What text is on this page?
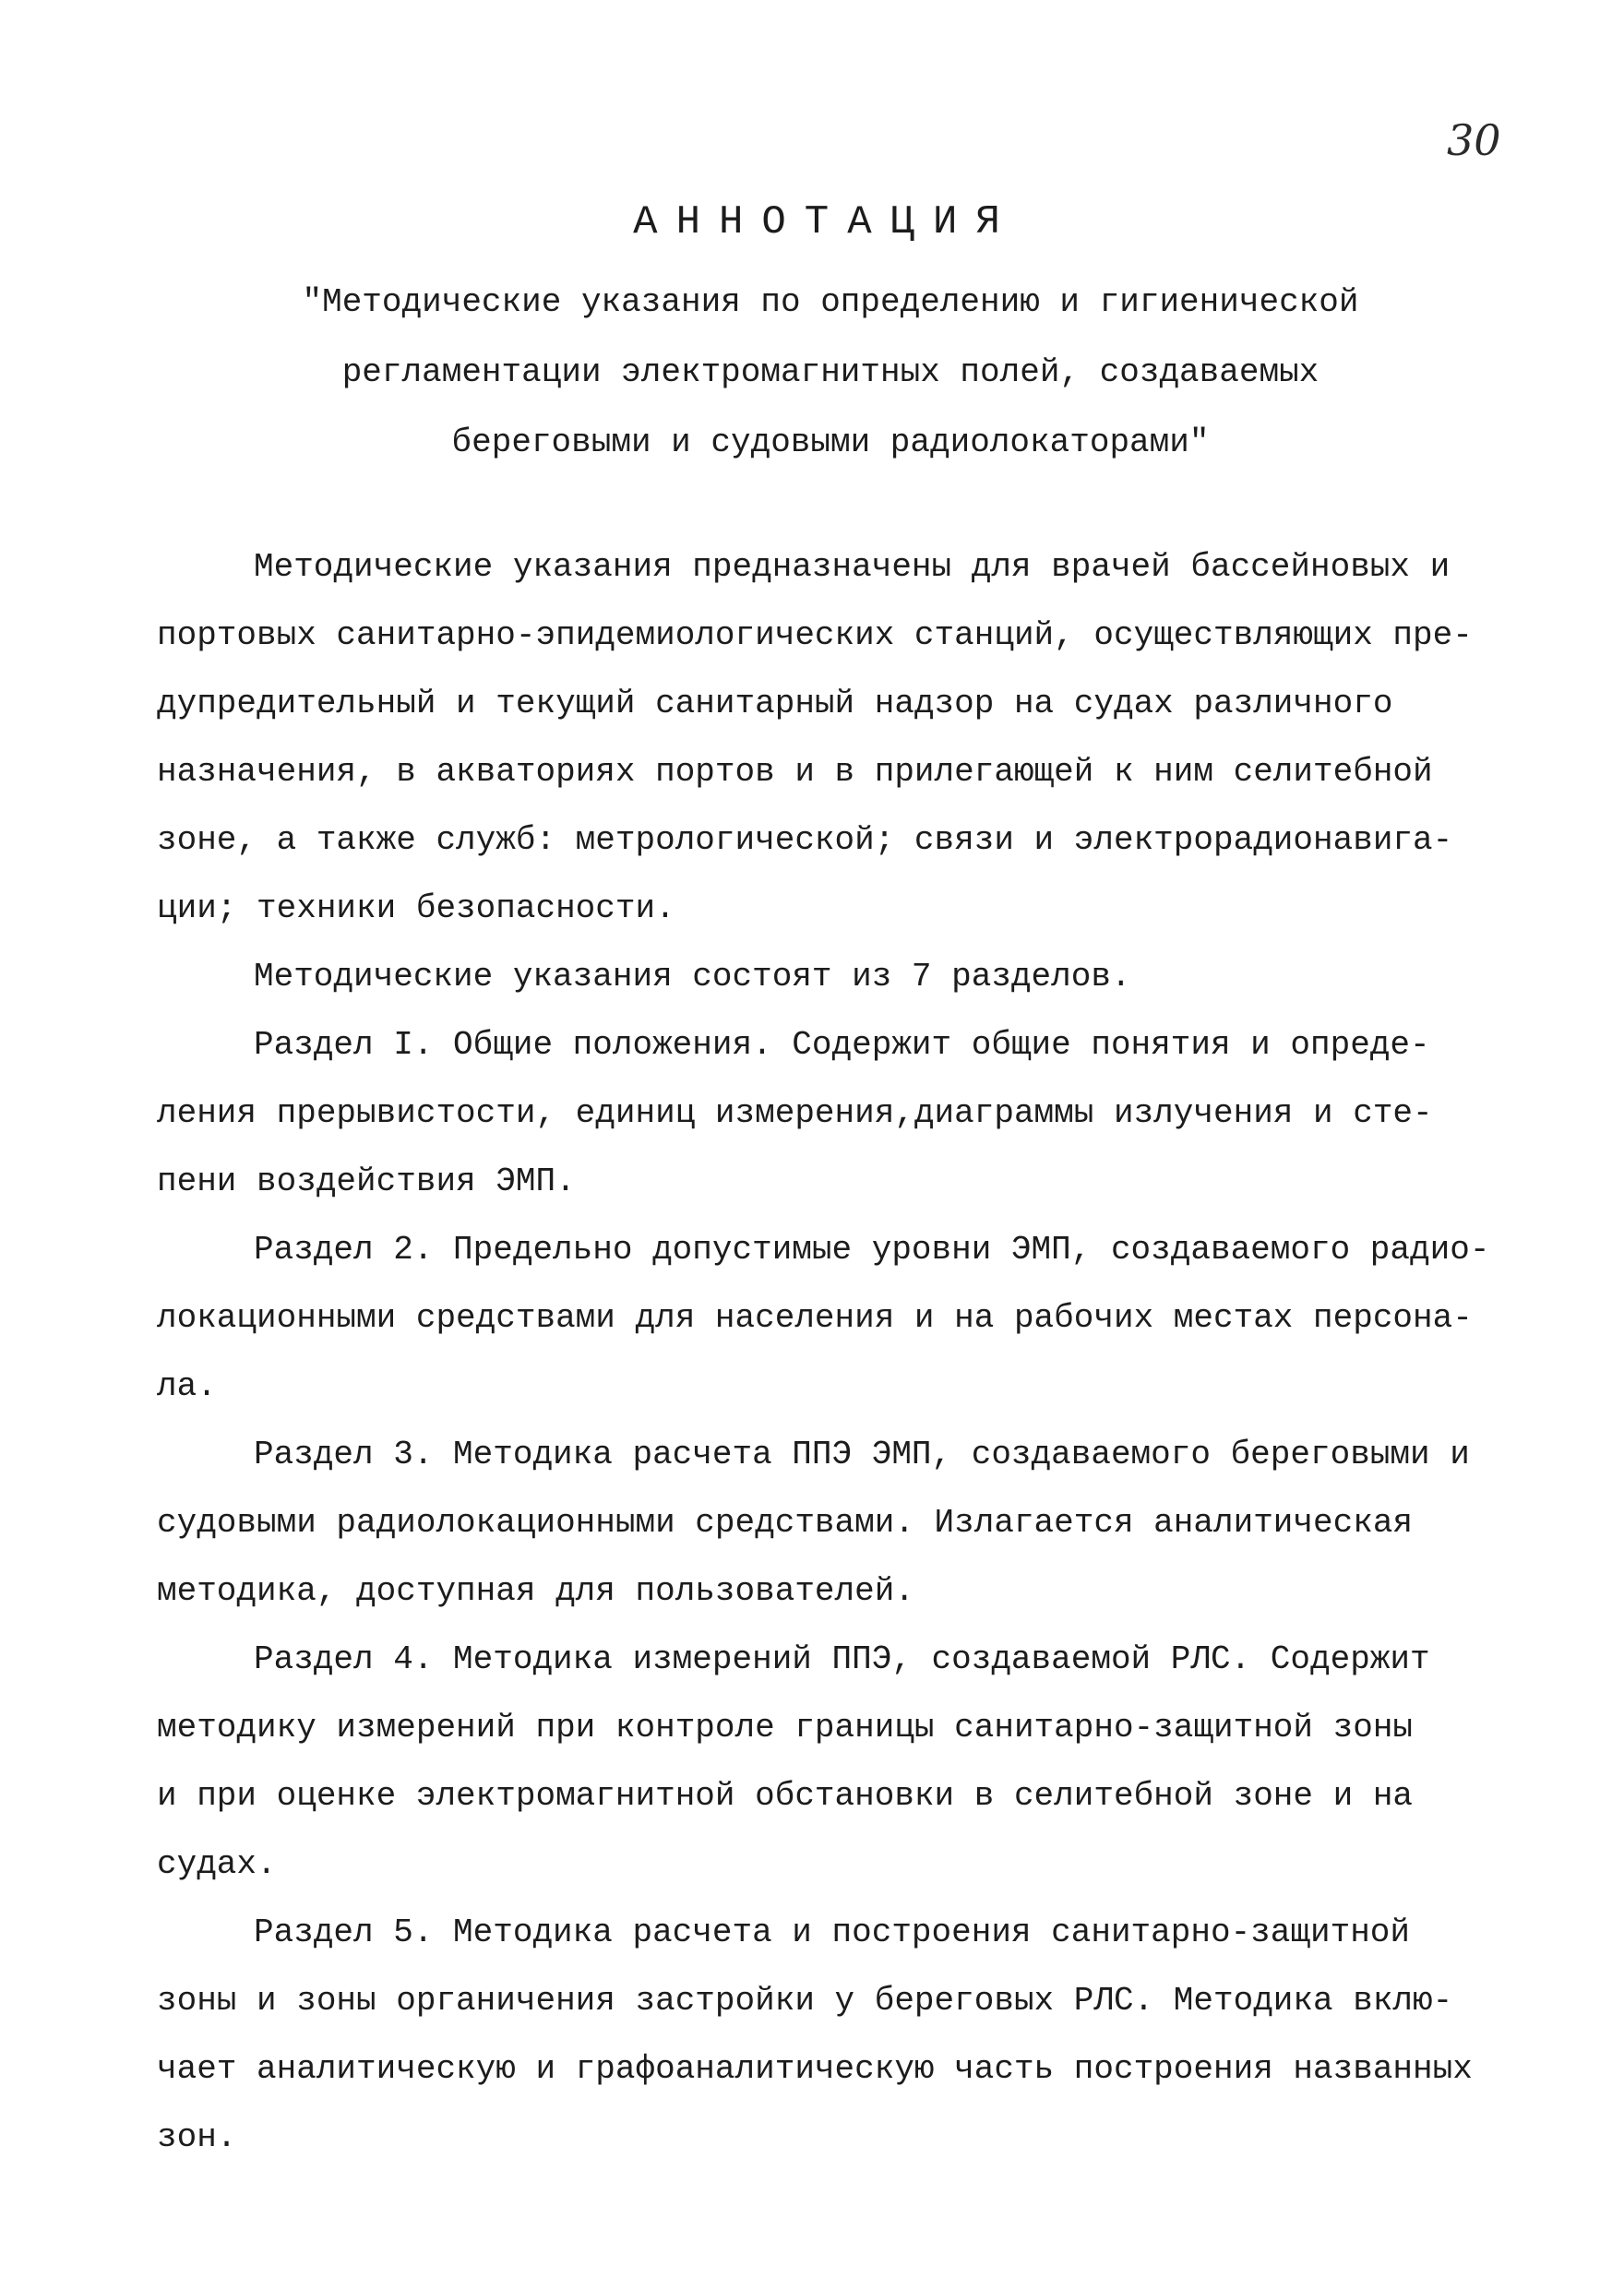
30
АННОТАЦИЯ
"Методические указания по определению и гигиенической
регламентации электромагнитных полей, создаваемых
береговыми и судовыми радиолокаторами"
Методические указания предназначены для врачей бассейновых и
портовых санитарно-эпидемиологических станций, осуществляющих пре-
дупредительный и текущий санитарный надзор на судах различного
назначения, в акваториях портов и в прилегающей к ним селитебной
зоне, а также служб: метрологической; связи и электрорадионавига-
ции; техники безопасности.
Методические указания состоят из 7 разделов.
Раздел I. Общие положения. Содержит общие понятия и опреде-
ления прерывистости, единиц измерения,диаграммы излучения и сте-
пени воздействия ЭМП.
Раздел 2. Предельно допустимые уровни ЭМП, создаваемого радио-
локационными средствами для населения и на рабочих местах персона-
ла.
Раздел 3. Методика расчета ППЭ ЭМП, создаваемого береговыми и
судовыми радиолокационными средствами. Излагается аналитическая
методика, доступная для пользователей.
Раздел 4. Методика измерений ППЭ, создаваемой РЛС. Содержит
методику измерений при контроле границы санитарно-защитной зоны
и при оценке электромагнитной обстановки в селитебной зоне и на
судах.
Раздел 5. Методика расчета и построения санитарно-защитной
зоны и зоны органичения застройки у береговых РЛС. Методика вклю-
чает аналитическую и графоаналитическую часть построения названных
зон.
